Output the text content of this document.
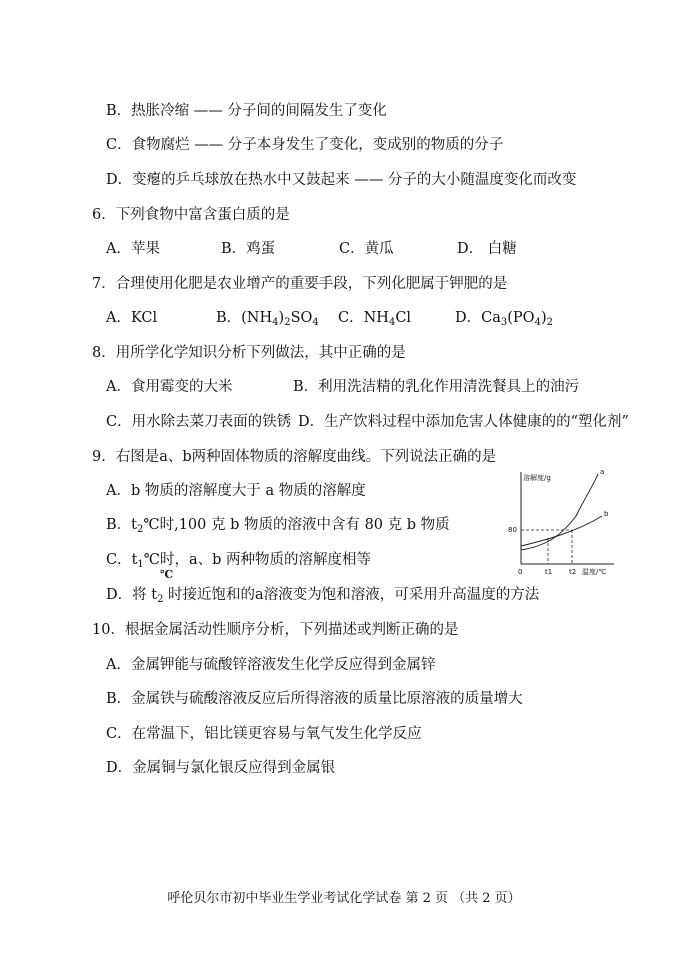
B．热胀冷缩 —— 分子间的间隔发生了变化
C．食物腐烂 —— 分子本身发生了变化，变成别的物质的分子
D．变瘪的乒乓球放在热水中又鼓起来 —— 分子的大小随温度变化而改变
6．下列食物中富含蛋白质的是
A．苹果	B．鸡蛋	C．黄瓜	D． 白糖
7．合理使用化肥是农业增产的重要手段，下列化肥属于钾肥的是
A．KCl	B．$(NH_4)_2SO_4$ C．$NH_4Cl$	D．$Ca_3(PO_4)_2$
8．用所学化学知识分析下列做法，其中正确的是
A．食用霉变的大米	B．利用洗洁精的乳化作用清洗餐具上的油污
C．用水除去菜刀表面的铁锈 D．生产饮料过程中添加危害人体健康的的“塑化剂”
9．右图是a、b两种固体物质的溶解度曲线。下列说法正确的是
A．b 物质的溶解度大于 a 物质的溶解度
B．$t_2℃$时,100 克 b 物质的溶液中含有 80 克 b 物质
C．$t_1℃$时，a、b 两种物质的溶解度相等
℃
D．将 $t_2$ 时接近饱和的a溶液变为饱和溶液，可采用升高温度的方法
溶解度/g
80
0	t1 t2 温度/℃
a
b
10．根据金属活动性顺序分析，下列描述或判断正确的是
A．金属钾能与硫酸锌溶液发生化学反应得到金属锌
B．金属铁与硫酸溶液反应后所得溶液的质量比原溶液的质量增大
C．在常温下，铝比镁更容易与氧气发生化学反应
D．金属铜与氯化银反应得到金属银
呼伦贝尔市初中毕业生学业考试化学试卷 第 2 页 （共 2 页）
